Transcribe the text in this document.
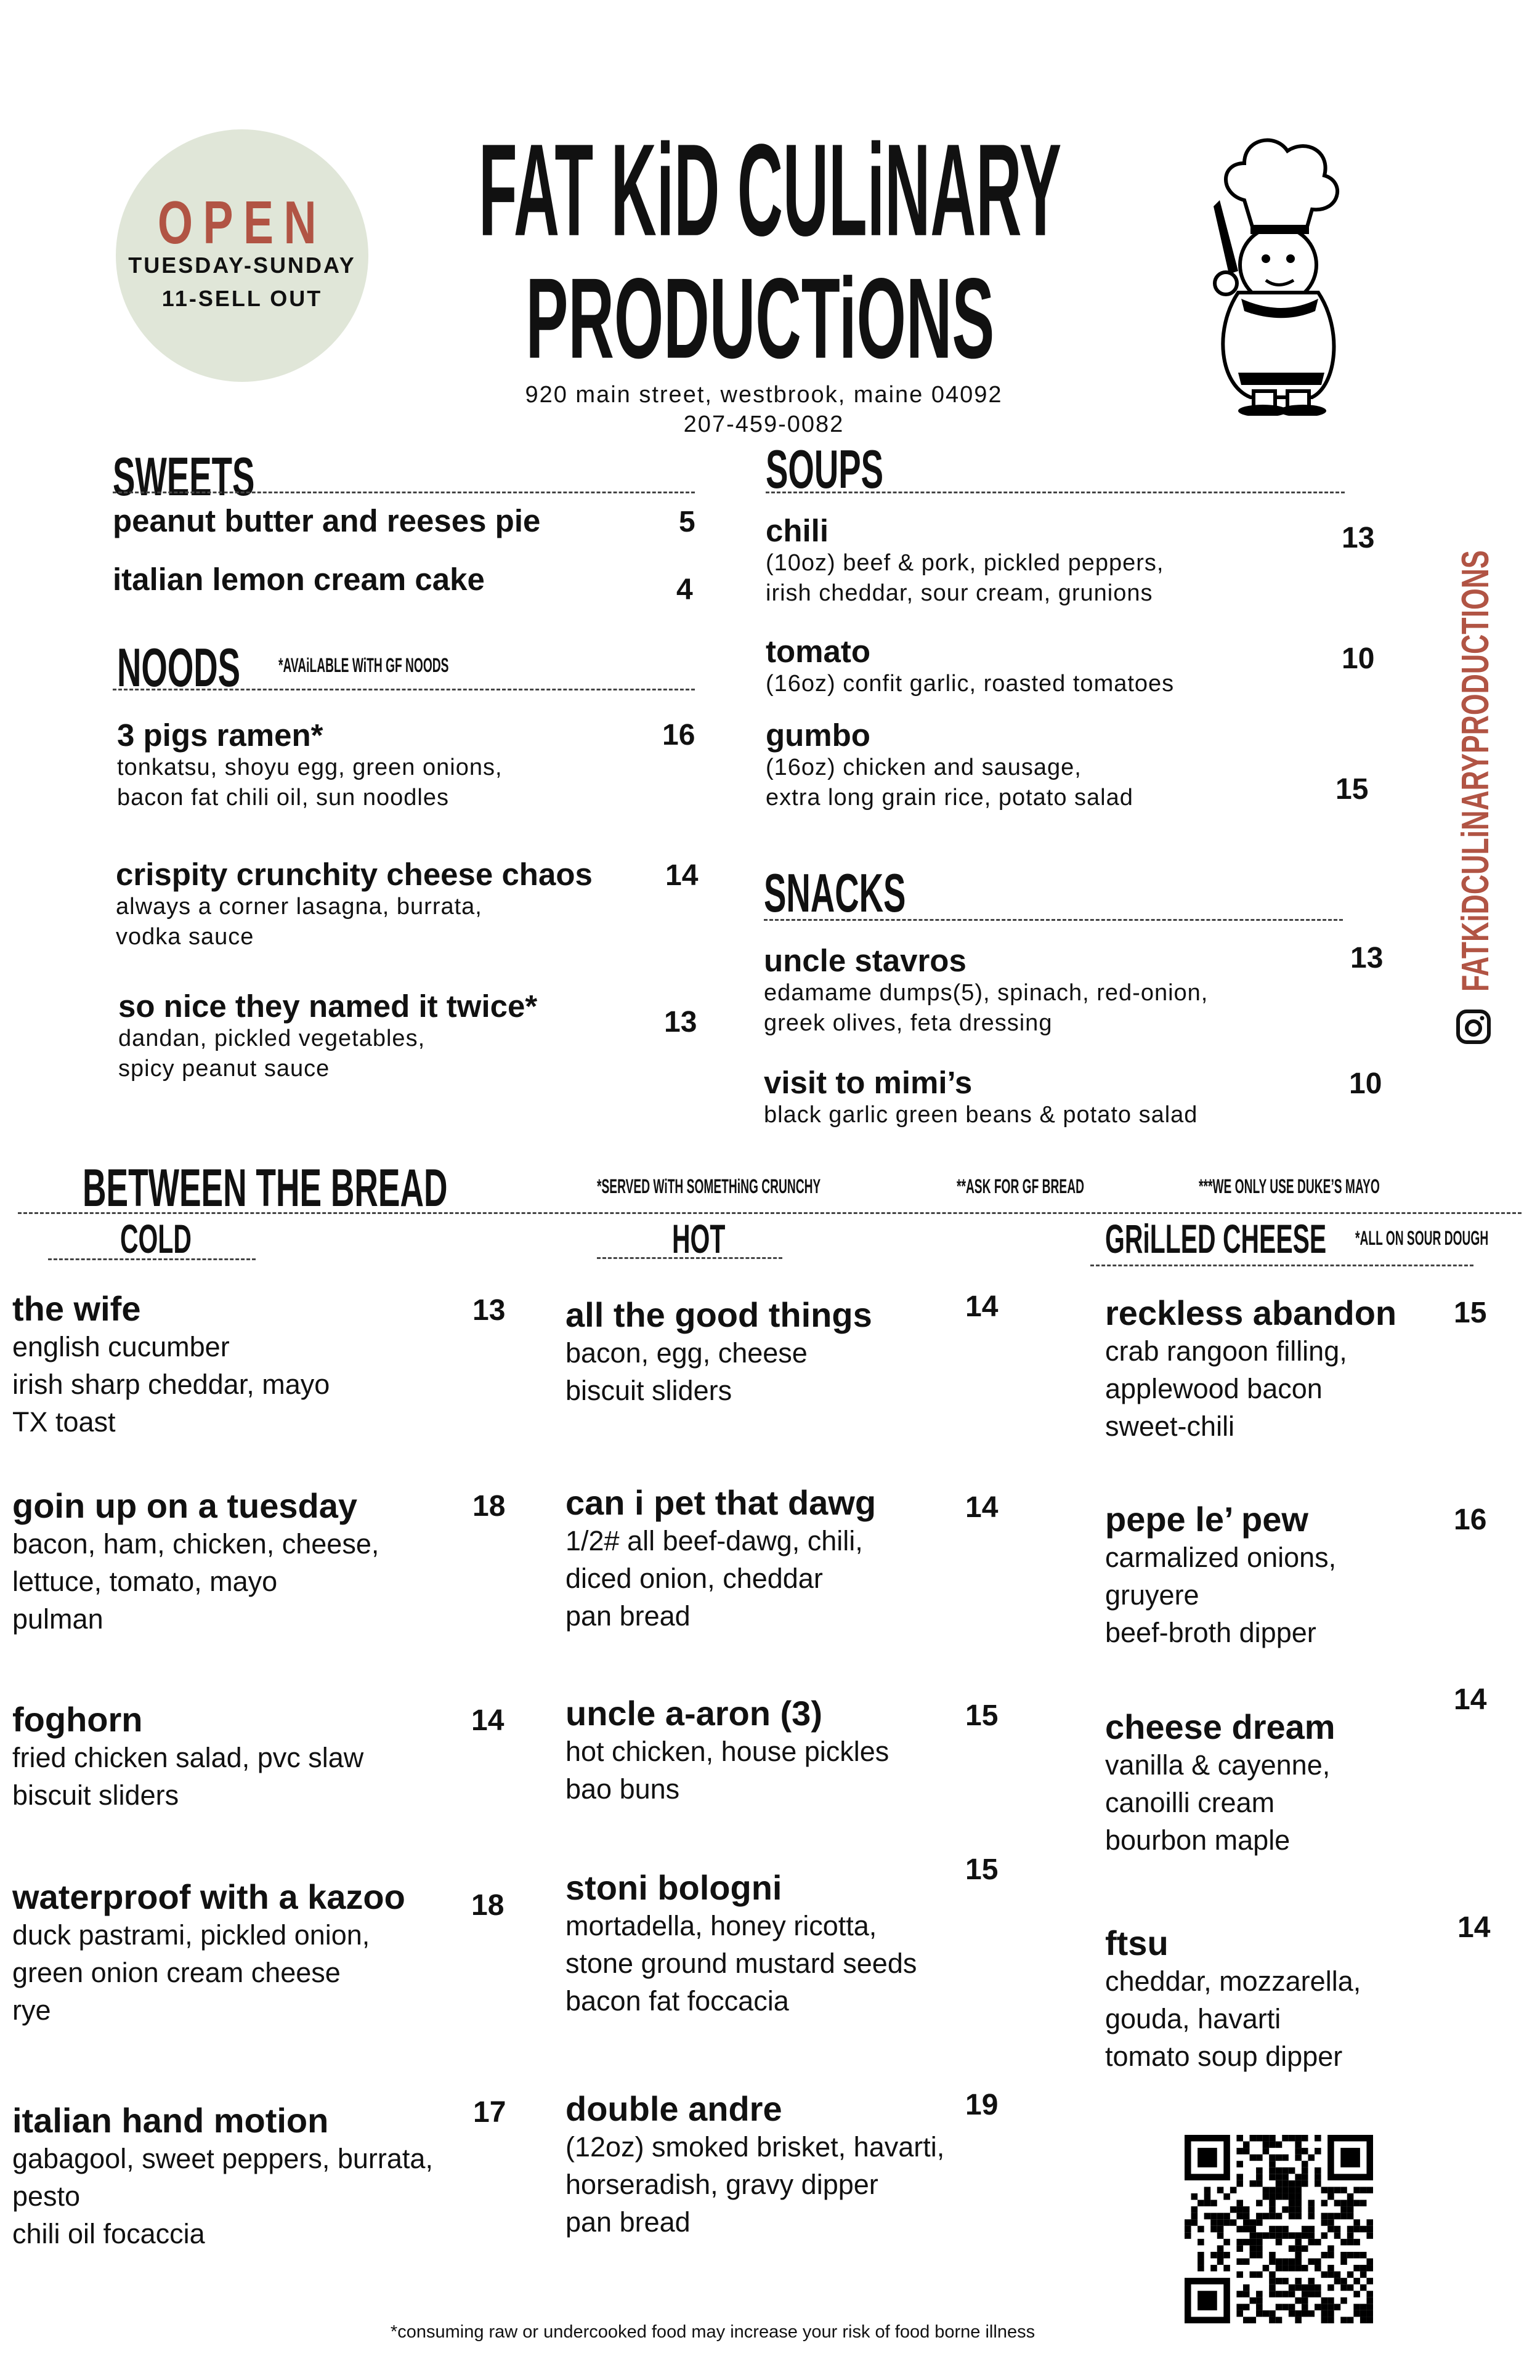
OPEN
TUESDAY-SUNDAY
11-SELL OUT
FAT KiD CULiNARY
PRODUCTiONS
920 main street, westbrook, maine 04092
207-459-0082
SWEETS
peanut butter and reeses pie	5
italian lemon cream cake	4
NOODS	*AVAiLABLE WiTH GF NOODS
3 pigs ramen*
tonkatsu, shoyu egg, green onions,
bacon fat chili oil, sun noodles
16
crispity crunchity cheese chaos
always a corner lasagna, burrata,
vodka sauce
14
so nice they named it twice*
dandan, pickled vegetables,
spicy peanut sauce
13
SOUPS
chili
(10oz) beef & pork, pickled peppers,
irish cheddar, sour cream, grunions
13
tomato
(16oz) confit garlic, roasted tomatoes
10
gumbo
(16oz) chicken and sausage,
extra long grain rice, potato salad	15
SNACKS
uncle stavros
edamame dumps(5), spinach, red-onion,
greek olives, feta dressing
13
visit to mimi’s
black garlic green beans & potato salad
10
BETWEEN THE BREAD	*SERVED WiTH SOMETHiNG CRUNCHY	**ASK FOR GF BREAD	***WE ONLY USE DUKE’S MAYO
COLD	HOT	GRiLLED CHEESE	*ALL ON SOUR DOUGH
the wife
english cucumber
irish sharp cheddar, mayo
TX toast
13
goin up on a tuesday
bacon, ham, chicken, cheese,
lettuce, tomato, mayo
pulman
18
foghorn
fried chicken salad, pvc slaw
biscuit sliders
14
waterproof with a kazoo
duck pastrami, pickled onion,
green onion cream cheese
rye
18
italian hand motion
gabagool, sweet peppers, burrata,
pesto
chili oil focaccia
17
all the good things
bacon, egg, cheese
biscuit sliders
14
can i pet that dawg
1/2# all beef-dawg, chili,
diced onion, cheddar
pan bread
14
uncle a-aron (3)
hot chicken, house pickles
bao buns
15
stoni bologni
mortadella, honey ricotta,
stone ground mustard seeds
bacon fat foccacia
15
double andre
(12oz) smoked brisket, havarti,
horseradish, gravy dipper
pan bread
19
reckless abandon
crab rangoon filling,
applewood bacon
sweet-chili
15
pepe le’ pew
carmalized onions,
gruyere
beef-broth dipper
16
cheese dream
vanilla & cayenne,
canoilli cream
bourbon maple
14
ftsu
cheddar, mozzarella,
gouda, havarti
tomato soup dipper
14
FATKiDCULiNARYPRODUCTIONS
*consuming raw or undercooked food may increase your risk of food borne illness
